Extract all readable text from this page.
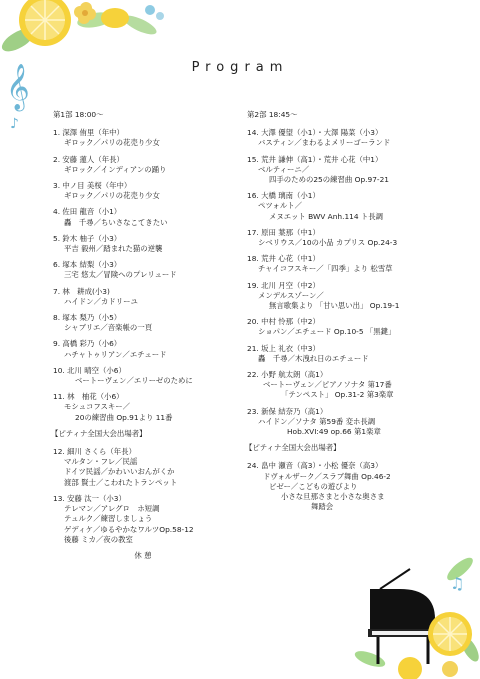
𝄞
♪
♫
Program
第1部 18:00～
1. 深澤 侑里（年中）
ギロック／パリの花売り少女
2. 安藤 蓮人（年長）
ギロック／インディアンの踊り
3. 中ノ目 美桜（年中）
ギロック／パリの花売り少女
4. 佐田 龍音（小1）
轟　千尋／ちいさなこてきたい
5. 鈴木 柚子（小3）
平吉 毅州／踏まれた猫の逆襲
6. 塚本 結梨（小3）
三宅 悠太／冒険へのプレリュード
7. 林　耕成(小3)
ハイドン／カドリーユ
8. 塚本 梨乃（小5）
シャブリエ／音楽帳の一頁
9. 高橋 彩乃（小6）
ハチャトゥリアン／エチュード
10. 北川 晴空（小6）
ベートーヴェン／エリーゼのために
11. 林　柚花（小6）
モシュコフスキー／
20の練習曲 Op.91より 11番
【ピティナ全国大会出場者】
12. 細川 さくら（年長）
マルタン・フレ／民謡
ドイツ民謡／かわいいおんがくか
渡部 賢士／こわれたトランペット
13. 安藤 汰一（小3）
テレマン／アレグロ　ホ短調
テュルク／練習しましょう
ゲディケ／ゆるやかなワルツOp.58-12
後藤 ミカ／夜の教室
休 憩
第2部 18:45～
14. 大澤 優望（小1）・大澤 陽菜（小3）
バスティン／まわるよメリーゴーランド
15. 荒井 謙伸（高1）・荒井 心花（中1）
ベルティーニ／
四手のための25の練習曲 Op.97-21
16. 大橋 璃南（小1）
ペツォルト／
メヌエット BWV Anh.114 ト長調
17. 原田 葉那（中1）
シベリウス／10の小品 カプリス Op.24-3
18. 荒井 心花（中1）
チャイコフスキー／「四季」より 松雪草
19. 北川 月空（中2）
メンデルスゾーン／
無言歌集より 「甘い思い出」 Op.19-1
20. 中村 怜那（中2）
ショパン／エチュード Op.10-5 「黒鍵」
21. 坂上 礼衣（中3）
轟　千尋／木洩れ日のエチュード
22. 小野 航太朗（高1）
ベートーヴェン／ピアノソナタ 第17番
「テンペスト」 Op.31-2 第3楽章
23. 新保 結奈乃（高1）
ハイドン／ソナタ 第59番 変ホ長調
Hob.XVI:49 op.66 第1楽章
【ピティナ全国大会出場者】
24. 畠中 瀬音（高3）・小松 優奈（高3）
ドヴォルザーク／スラブ舞曲 Op.46-2
ビゼー／こどもの遊びより
小さな旦那さまと小さな奥さま
舞踏会
